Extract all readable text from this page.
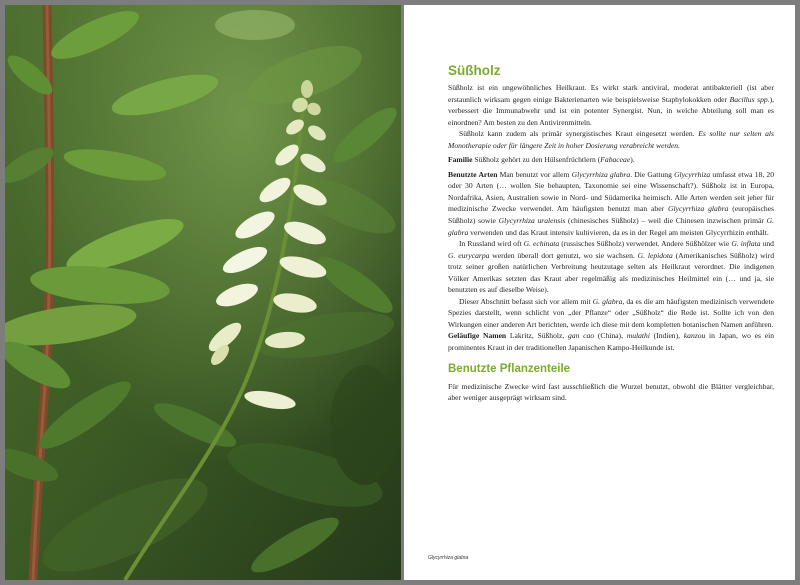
Süßholz

Süßholz ist ein ungewöhnliches Heilkraut. Es wirkt stark antiviral, moderat antibakteriell (ist aber erstaunlich wirksam gegen einige Bakterienarten wie beispielsweise Staphylokokken oder Bacillus spp.), verbessert die Immunabwehr und ist ein potenter Synergist. Nun, in welche Abteilung soll man es einordnen? Am besten zu den Antivirenmitteln.

Süßholz kann zudem als primär synergistisches Kraut eingesetzt werden. Es sollte nur selten als Monotherapie oder für längere Zeit in hoher Dosierung verabreicht werden.

Familie Süßholz gehört zu den Hülsenfrüchtlern (Fabaceae).

Benutzte Arten Man benutzt vor allem Glycyrrhiza glabra. Die Gattung Glycyrrhiza umfasst etwa 18, 20 oder 30 Arten (… wollen Sie behaupten, Taxonomie sei eine Wissenschaft?). Süßholz ist in Europa, Nordafrika, Asien, Australien sowie in Nord- und Südamerika heimisch. Alle Arten werden seit jeher für medizinische Zwecke verwendet. Am häufigsten benutzt man aber Glycyrrhiza glabra (europäisches Süßholz) sowie Glycyrrhiza uralensis (chinesisches Süßholz) – weil die Chinesen inzwischen primär G. glabra verwenden und das Kraut intensiv kultivieren, da es in der Regel am meisten Glycyrrhizin enthält.

In Russland wird oft G. echinata (russisches Süßholz) verwendet. Andere Süßhölzer wie G. inflata und G. eurycarpa werden überall dort genutzt, wo sie wachsen. G. lepidota (Amerikanisches Süßholz) wird trotz seiner großen natürlichen Verbreitung heutzutage selten als Heilkraut verordnet. Die indigenen Völker Amerikas setzten das Kraut aber regelmäßig als medizinisches Heilmittel ein (… und ja, sie benutzten es auf dieselbe Weise).

Dieser Abschnitt befasst sich vor allem mit G. glabra, da es die am häufigsten medizinisch verwendete Spezies darstellt, wenn schlicht von „der Pflanze“ oder „Süßholz“ die Rede ist. Sollte ich von den Wirkungen einer anderen Art berichten, werde ich diese mit dem kompletten botanischen Namen anführen.

Geläufige Namen Lakritz, Süßholz, gan cao (China), mulathi (Indien), kanzou in Japan, wo es ein prominentes Kraut in der traditionellen Japanischen Kampo-Heilkunde ist.

Benutzte Pflanzenteile

Für medizinische Zwecke wird fast ausschließlich die Wurzel benutzt, obwohl die Blätter vergleichbar, aber weniger ausgeprägt wirksam sind.

Glycyrrhiza glabra
